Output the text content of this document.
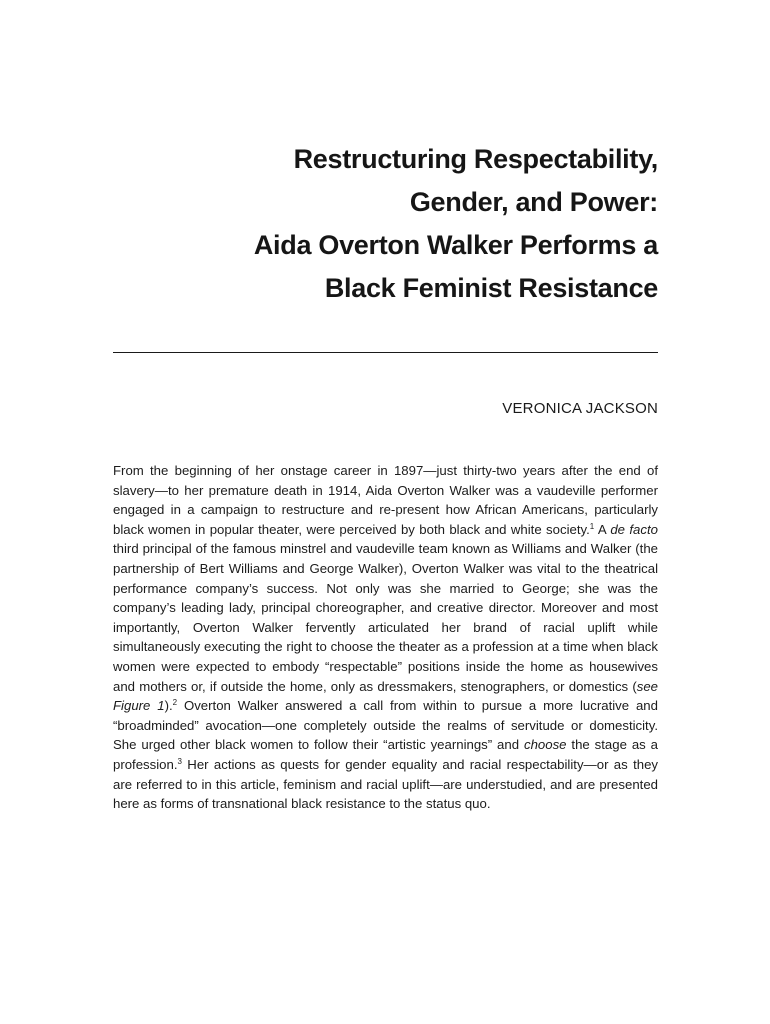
Restructuring Respectability,
Gender, and Power:
Aida Overton Walker Performs a
Black Feminist Resistance
VERONICA JACKSON

From the beginning of her onstage career in 1897—just thirty-two years after the end of slavery—to her premature death in 1914, Aida Overton Walker was a vaudeville performer engaged in a campaign to restructure and re-present how African Americans, particularly black women in popular theater, were perceived by both black and white society.$^1$ A de facto third principal of the famous minstrel and vaudeville team known as Williams and Walker (the partnership of Bert Williams and George Walker), Overton Walker was vital to the theatrical performance company’s success. Not only was she married to George; she was the company’s leading lady, principal choreographer, and creative director. Moreover and most importantly, Overton Walker fervently articulated her brand of racial uplift while simultaneously executing the right to choose the theater as a profession at a time when black women were expected to embody “respectable” positions inside the home as housewives and mothers or, if outside the home, only as dressmakers, stenographers, or domestics (see Figure 1).$^2$ Overton Walker answered a call from within to pursue a more lucrative and “broadminded” avocation—one completely outside the realms of servitude or domesticity. She urged other black women to follow their “artistic yearnings” and choose the stage as a profession.$^3$ Her actions as quests for gender equality and racial respectability—or as they are referred to in this article, feminism and racial uplift—are understudied, and are presented here as forms of transnational black resistance to the status quo.
